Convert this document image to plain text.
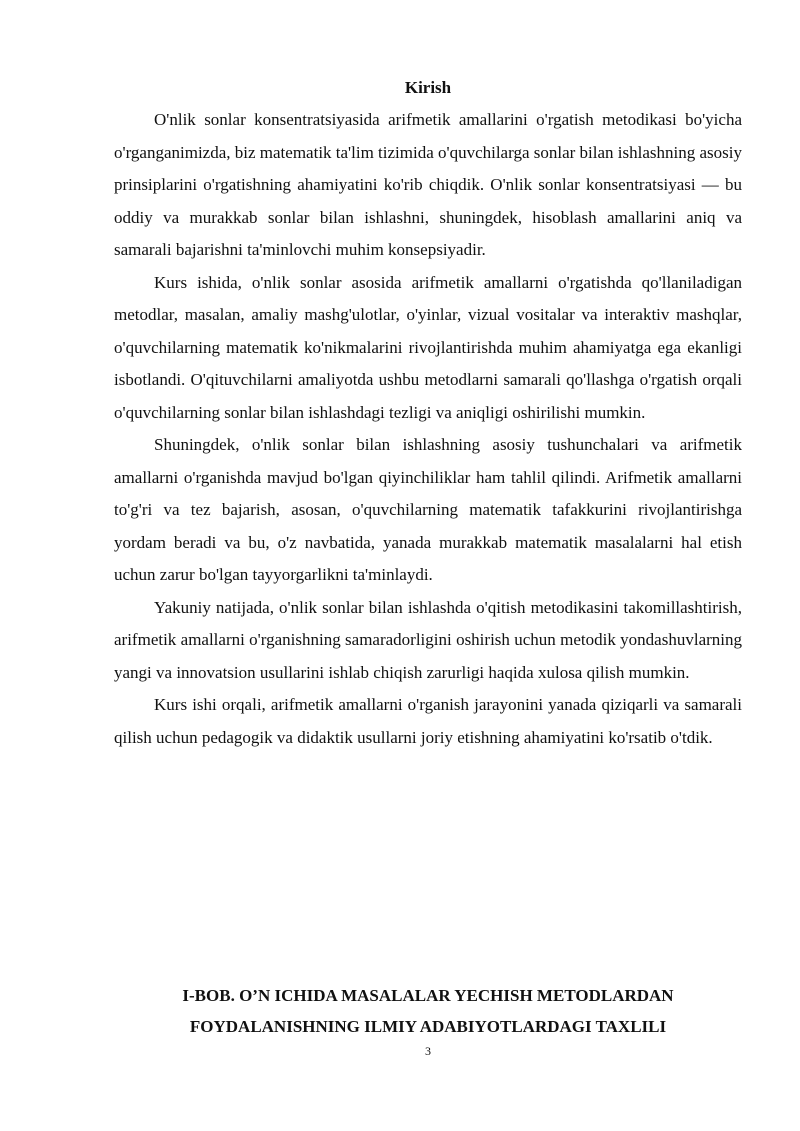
Kirish

O'nlik sonlar konsentratsiyasida arifmetik amallarini o'rgatish metodikasi bo'yicha o'rganganimizda, biz matematik ta'lim tizimida o'quvchilarga sonlar bilan ishlashning asosiy prinsiplarini o'rgatishning ahamiyatini ko'rib chiqdik. O'nlik sonlar konsentratsiyasi — bu oddiy va murakkab sonlar bilan ishlashni, shuningdek, hisoblash amallarini aniq va samarali bajarishni ta'minlovchi muhim konsepsiyadir.

Kurs ishida, o'nlik sonlar asosida arifmetik amallarni o'rgatishda qo'llaniladigan metodlar, masalan, amaliy mashg'ulotlar, o'yinlar, vizual vositalar va interaktiv mashqlar, o'quvchilarning matematik ko'nikmalarini rivojlantirishda muhim ahamiyatga ega ekanligi isbotlandi. O'qituvchilarni amaliyotda ushbu metodlarni samarali qo'llashga o'rgatish orqali o'quvchilarning sonlar bilan ishlashdagi tezligi va aniqligi oshirilishi mumkin.

Shuningdek, o'nlik sonlar bilan ishlashning asosiy tushunchalari va arifmetik amallarni o'rganishda mavjud bo'lgan qiyinchiliklar ham tahlil qilindi. Arifmetik amallarni to'g'ri va tez bajarish, asosan, o'quvchilarning matematik tafakkurini rivojlantirishga yordam beradi va bu, o'z navbatida, yanada murakkab matematik masalalarni hal etish uchun zarur bo'lgan tayyorgarlikni ta'minlaydi.

Yakuniy natijada, o'nlik sonlar bilan ishlashda o'qitish metodikasini takomillashtirish, arifmetik amallarni o'rganishning samaradorligini oshirish uchun metodik yondashuvlarning yangi va innovatsion usullarini ishlab chiqish zarurligi haqida xulosa qilish mumkin.

Kurs ishi orqali, arifmetik amallarni o'rganish jarayonini yanada qiziqarli va samarali qilish uchun pedagogik va didaktik usullarni joriy etishning ahamiyatini ko'rsatib o'tdik.

I-BOB. O’N ICHIDA MASALALAR YECHISH METODLARDAN
FOYDALANISHNING ILMIY ADABIYOTLARDAGI TAXLILI
3
